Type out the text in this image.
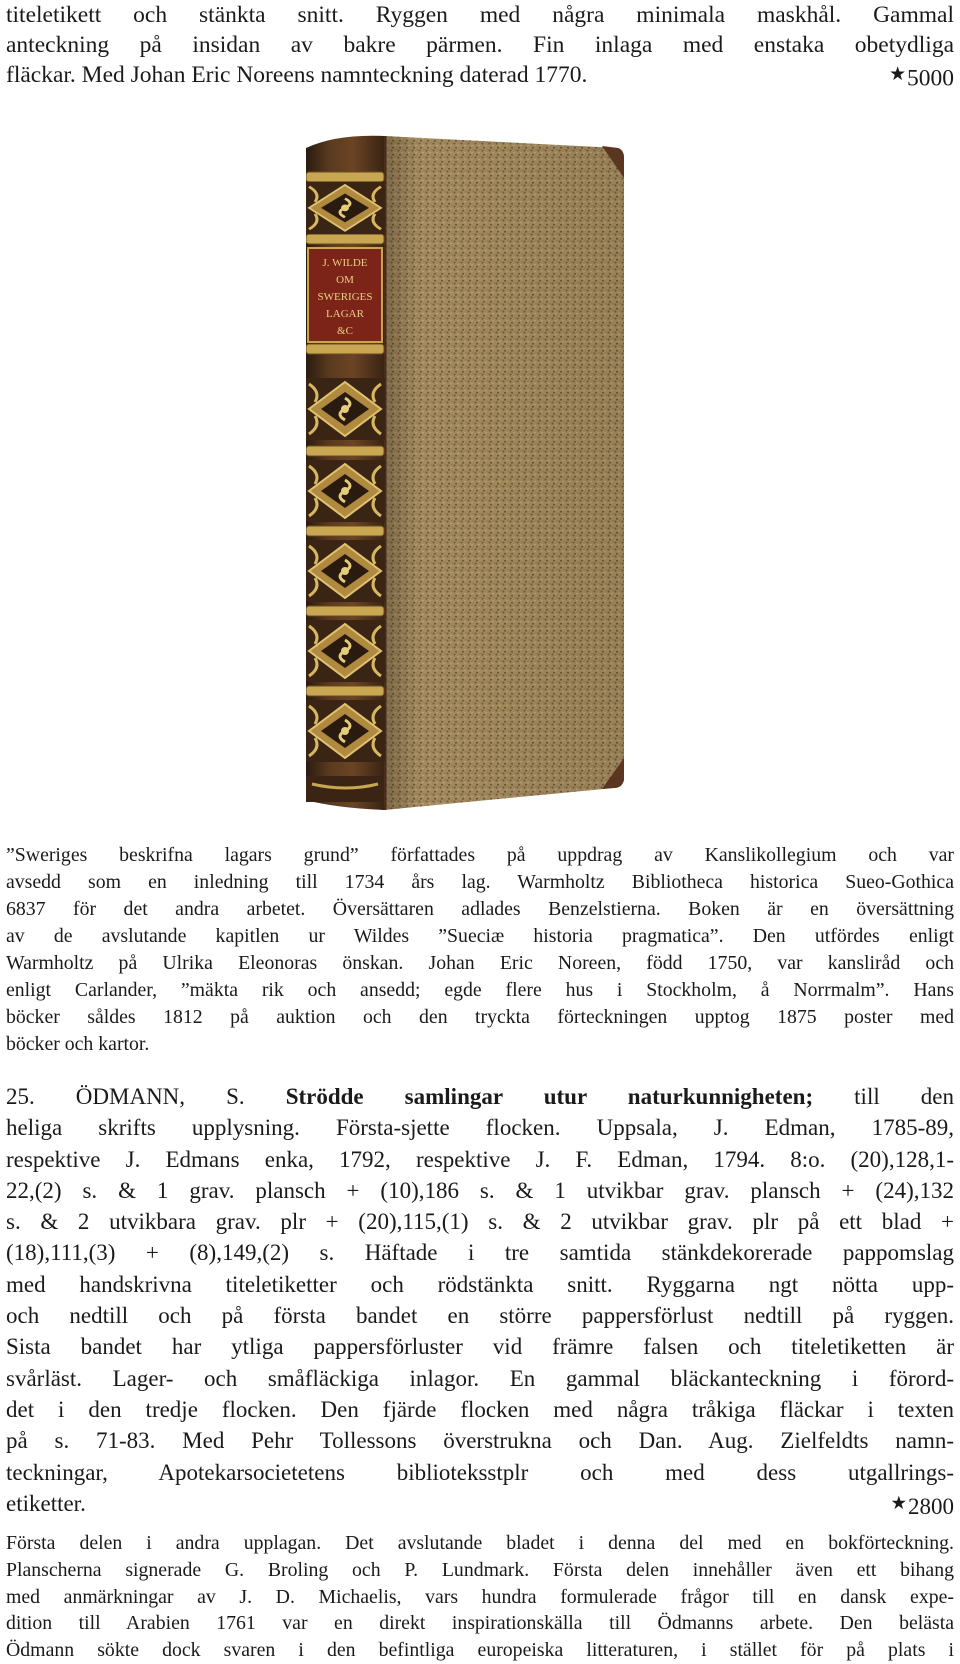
titeletikett och stänkta snitt. Ryggen med några minimala maskhål. Gammal
anteckning på insidan av bakre pärmen. Fin inlaga med enstaka obetydliga
fläckar. Med Johan Eric Noreens namnteckning daterad 1770.	★5000
J. WILDE
OM
SWERIGES
LAGAR
&C
”Sweriges beskrifna lagars grund” författades på uppdrag av Kanslikollegium och var
avsedd som en inledning till 1734 års lag. Warmholtz Bibliotheca historica Sueo-Gothica
6837 för det andra arbetet. Översättaren adlades Benzelstierna. Boken är en översättning
av de avslutande kapitlen ur Wildes ”Sueciæ historia pragmatica”. Den utfördes enligt
Warmholtz på Ulrika Eleonoras önskan. Johan Eric Noreen, född 1750, var kansliråd och
enligt Carlander, ”mäkta rik och ansedd; egde flere hus i Stockholm, å Norrmalm”. Hans
böcker såldes 1812 på auktion och den tryckta förteckningen upptog 1875 poster med
böcker och kartor.
25. ÖDMANN, S. Strödde samlingar utur naturkunnigheten; till den
heliga skrifts upplysning. Första-sjette flocken. Uppsala, J. Edman, 1785-89,
respektive J. Edmans enka, 1792, respektive J. F. Edman, 1794. 8:o. (20),128,1-
22,(2) s. & 1 grav. plansch + (10),186 s. & 1 utvikbar grav. plansch + (24),132
s. & 2 utvikbara grav. plr + (20),115,(1) s. & 2 utvikbar grav. plr på ett blad +
(18),111,(3) + (8),149,(2) s. Häftade i tre samtida stänkdekorerade pappomslag
med handskrivna titeletiketter och rödstänkta snitt. Ryggarna ngt nötta upp-
och nedtill och på första bandet en större pappersförlust nedtill på ryggen.
Sista bandet har ytliga pappersförluster vid främre falsen och titeletiketten är
svårläst. Lager- och småfläckiga inlagor. En gammal bläckanteckning i förord-
det i den tredje flocken. Den fjärde flocken med några tråkiga fläckar i texten
på s. 71-83. Med Pehr Tollessons överstrukna och Dan. Aug. Zielfeldts namn-
teckningar, Apotekarsocietetens biblioteksstplr och med dess utgallrings-
etiketter.	★2800
Första delen i andra upplagan. Det avslutande bladet i denna del med en bokförteckning.
Planscherna signerade G. Broling och P. Lundmark. Första delen innehåller även ett bihang
med anmärkningar av J. D. Michaelis, vars hundra formulerade frågor till en dansk expe-
dition till Arabien 1761 var en direkt inspirationskälla till Ödmanns arbete. Den belästa
Ödmann sökte dock svaren i den befintliga europeiska litteraturen, i stället för på plats i
